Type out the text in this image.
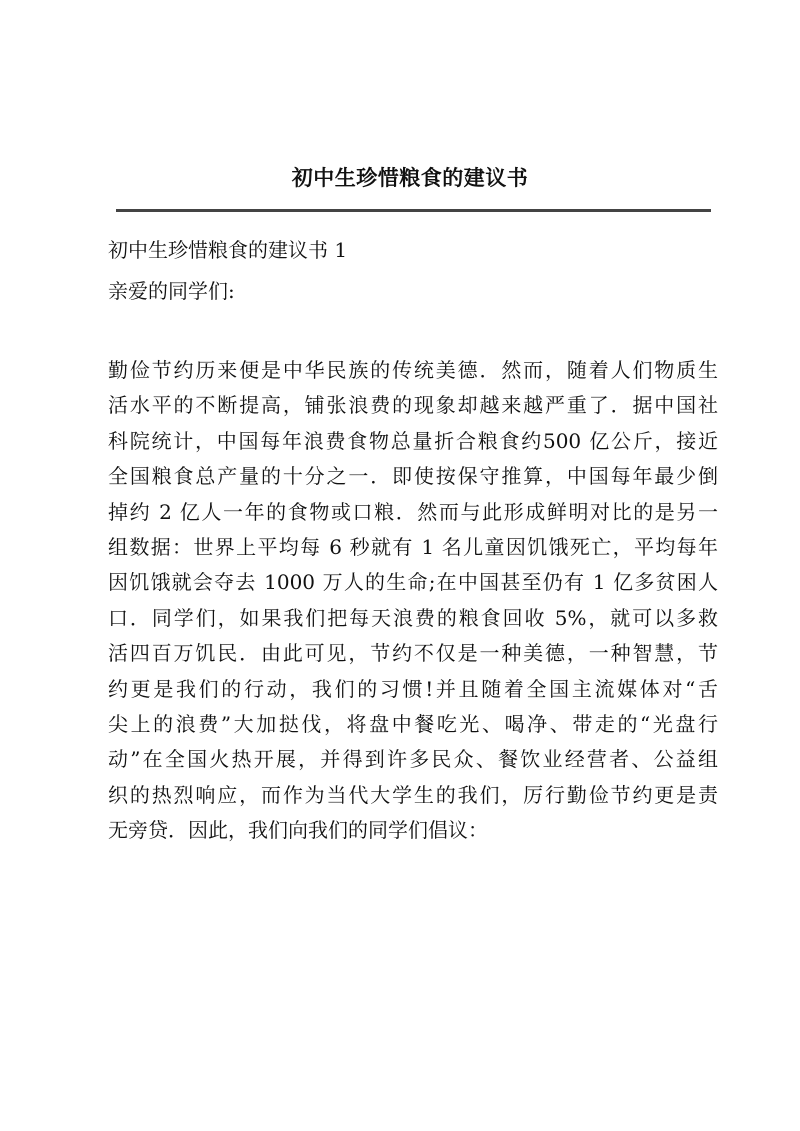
初中生珍惜粮食的建议书
初中生珍惜粮食的建议书 1
亲爱的同学们:
勤俭节约历来便是中华民族的传统美德．然而，随着人们物质生
活水平的不断提高，铺张浪费的现象却越来越严重了．据中国社
科院统计，中国每年浪费食物总量折合粮食约500 亿公斤，接近
全国粮食总产量的十分之一．即使按保守推算，中国每年最少倒
掉约 2 亿人一年的食物或口粮．然而与此形成鲜明对比的是另一
组数据：世界上平均每 6 秒就有 1 名儿童因饥饿死亡，平均每年
因饥饿就会夺去 1000 万人的生命;在中国甚至仍有 1 亿多贫困人
口．同学们，如果我们把每天浪费的粮食回收 5%，就可以多救
活四百万饥民．由此可见，节约不仅是一种美德，一种智慧，节
约更是我们的行动，我们的习惯!并且随着全国主流媒体对“舌
尖上的浪费”大加挞伐，将盘中餐吃光、喝净、带走的“光盘行
动”在全国火热开展，并得到许多民众、餐饮业经营者、公益组
织的热烈响应，而作为当代大学生的我们，厉行勤俭节约更是责
无旁贷．因此，我们向我们的同学们倡议：
